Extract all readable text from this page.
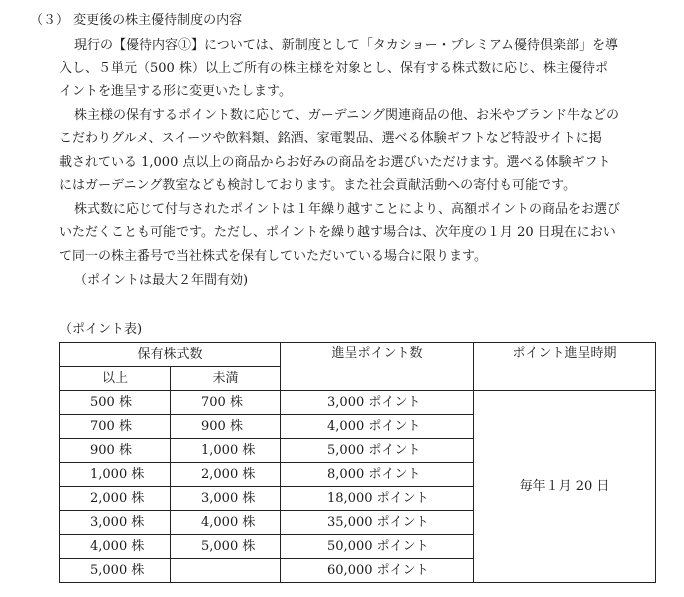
（３） 変更後の株主優待制度の内容
現行の【優待内容①】については、新制度として「タカショー・プレミアム優待倶楽部」を導
入し、５単元（500 株）以上ご所有の株主様を対象とし、保有する株式数に応じ、株主優待ポ
イントを進呈する形に変更いたします。
株主様の保有するポイント数に応じて、ガーデニング関連商品の他、お米やブランド牛などの
こだわりグルメ、スイーツや飲料類、銘酒、家電製品、選べる体験ギフトなど特設サイトに掲
載されている 1,000 点以上の商品からお好みの商品をお選びいただけます。選べる体験ギフト
にはガーデニング教室なども検討しております。また社会貢献活動への寄付も可能です。
株式数に応じて付与されたポイントは１年繰り越すことにより、高額ポイントの商品をお選び
いただくことも可能です。ただし、ポイントを繰り越す場合は、次年度の１月 20 日現在におい
て同一の株主番号で当社株式を保有していただいている場合に限ります。
（ポイントは最大２年間有効)
（ポイント表)
保有株式数		進呈ポイント数	ポイント進呈時期
以上	未満		
500 株	700 株	3,000 ポイント	毎年１月 20 日
700 株	900 株	4,000 ポイント	
900 株	1,000 株	5,000 ポイント	
1,000 株	2,000 株	8,000 ポイント	
2,000 株	3,000 株	18,000 ポイント	
3,000 株	4,000 株	35,000 ポイント	
4,000 株	5,000 株	50,000 ポイント	
5,000 株		60,000 ポイント	
